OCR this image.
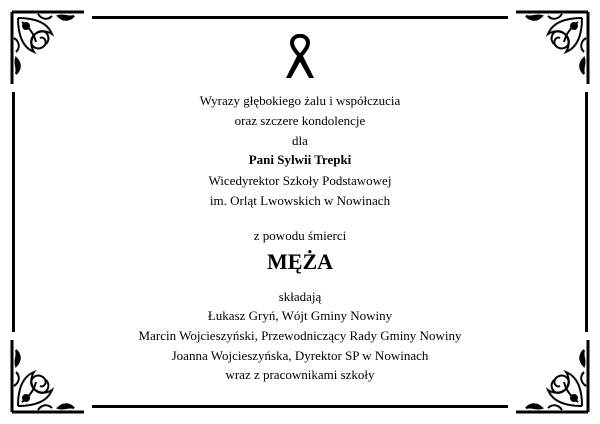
Wyrazy głębokiego żalu i współczucia
oraz szczere kondolencje
dla
Pani Sylwii Trepki
Wicedyrektor Szkoły Podstawowej
im. Orląt Lwowskich w Nowinach
z powodu śmierci
MĘŻA
składają
Łukasz Gryń, Wójt Gminy Nowiny
Marcin Wojcieszyński, Przewodniczący Rady Gminy Nowiny
Joanna Wojcieszyńska, Dyrektor SP w Nowinach
wraz z pracownikami szkoły
